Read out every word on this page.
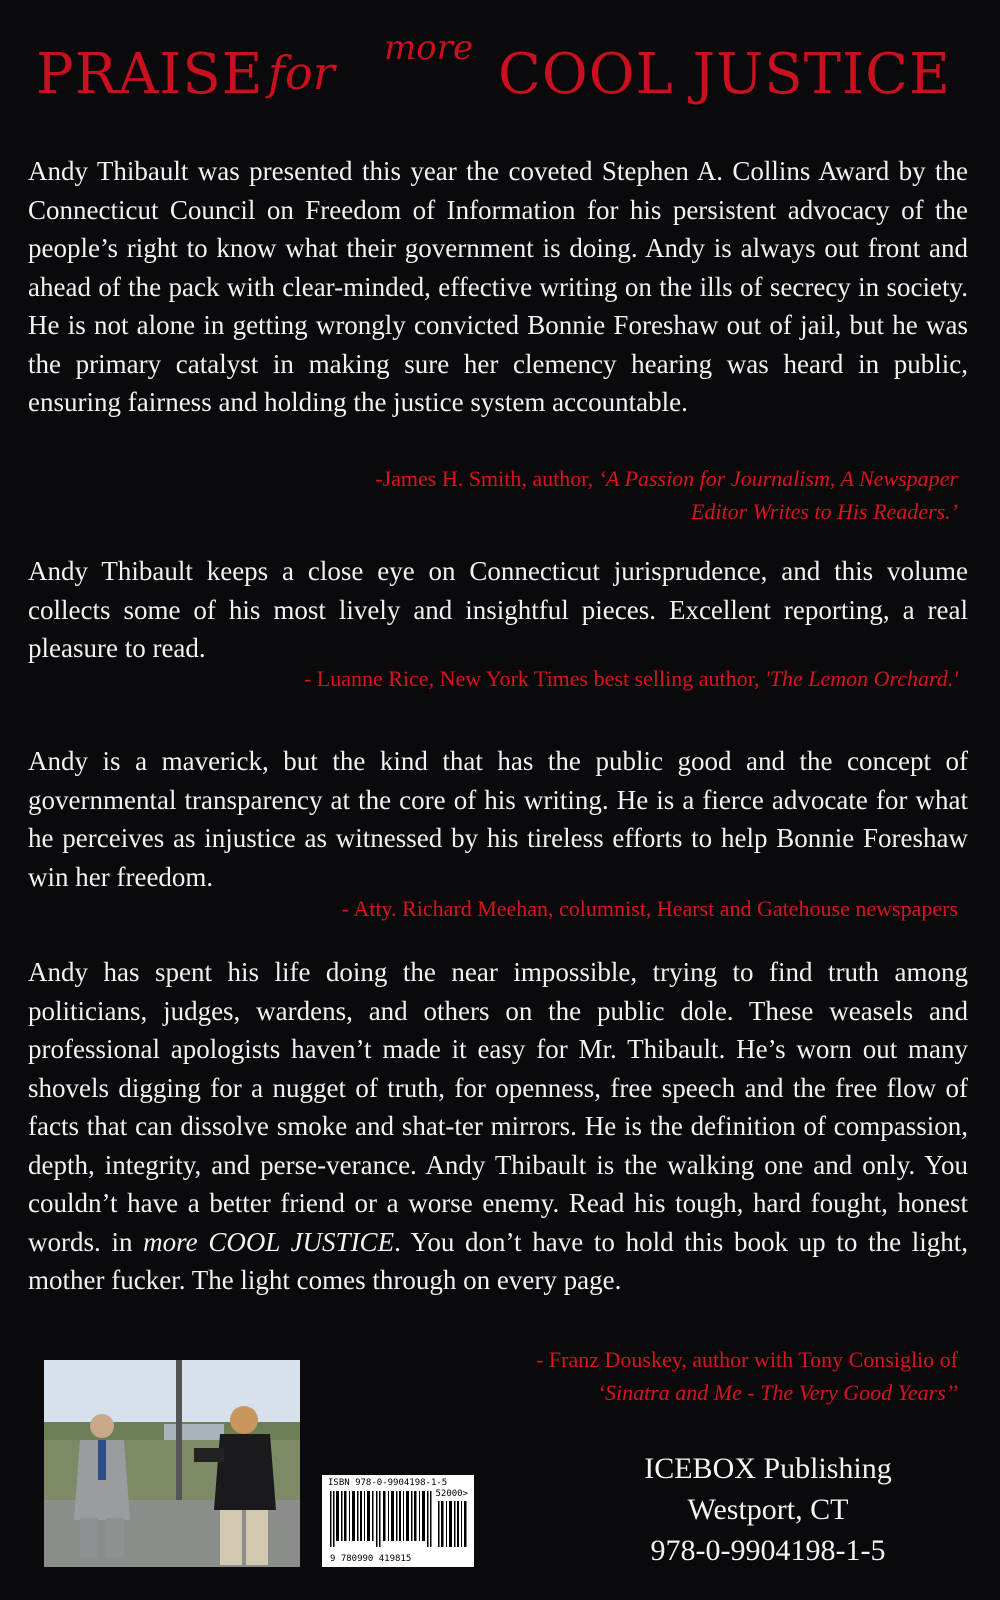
PRAISE for more COOL JUSTICE

Andy Thibault was presented this year the coveted Stephen A. Collins Award by the Connecticut Council on Freedom of Information for his persistent advocacy of the people’s right to know what their government is doing. Andy is always out front and ahead of the pack with clear-minded, effective writing on the ills of secrecy in society. He is not alone in getting wrongly convicted Bonnie Foreshaw out of jail, but he was the primary catalyst in making sure her clemency hearing was heard in public, ensuring fairness and holding the justice system accountable.

-James H. Smith, author, ‘A Passion for Journalism, A Newspaper
Editor Writes to His Readers.’

Andy Thibault keeps a close eye on Connecticut jurisprudence, and this volume collects some of his most lively and insightful pieces. Excellent reporting, a real pleasure to read.

- Luanne Rice, New York Times best selling author, 'The Lemon Orchard.'

Andy is a maverick, but the kind that has the public good and the concept of governmental transparency at the core of his writing. He is a fierce advocate for what he perceives as injustice as witnessed by his tireless efforts to help Bonnie Foreshaw win her freedom.

- Atty. Richard Meehan, columnist, Hearst and Gatehouse newspapers

Andy has spent his life doing the near impossible, trying to find truth among politicians, judges, wardens, and others on the public dole. These weasels and professional apologists haven’t made it easy for Mr. Thibault. He’s worn out many shovels digging for a nugget of truth, for openness, free speech and the free flow of facts that can dissolve smoke and shat-ter mirrors. He is the definition of compassion, depth, integrity, and perse-verance. Andy Thibault is the walking one and only. You couldn’t have a better friend or a worse enemy. Read his tough, hard fought, honest words. in more COOL JUSTICE. You don’t have to hold this book up to the light, mother fucker. The light comes through on every page.

- Franz Douskey, author with Tony Consiglio of
‘Sinatra and Me - The Very Good Years’’
ISBN 978-0-9904198-1-5
52000>
9 780990 419815
ICEBOX Publishing
Westport, CT
978-0-9904198-1-5
